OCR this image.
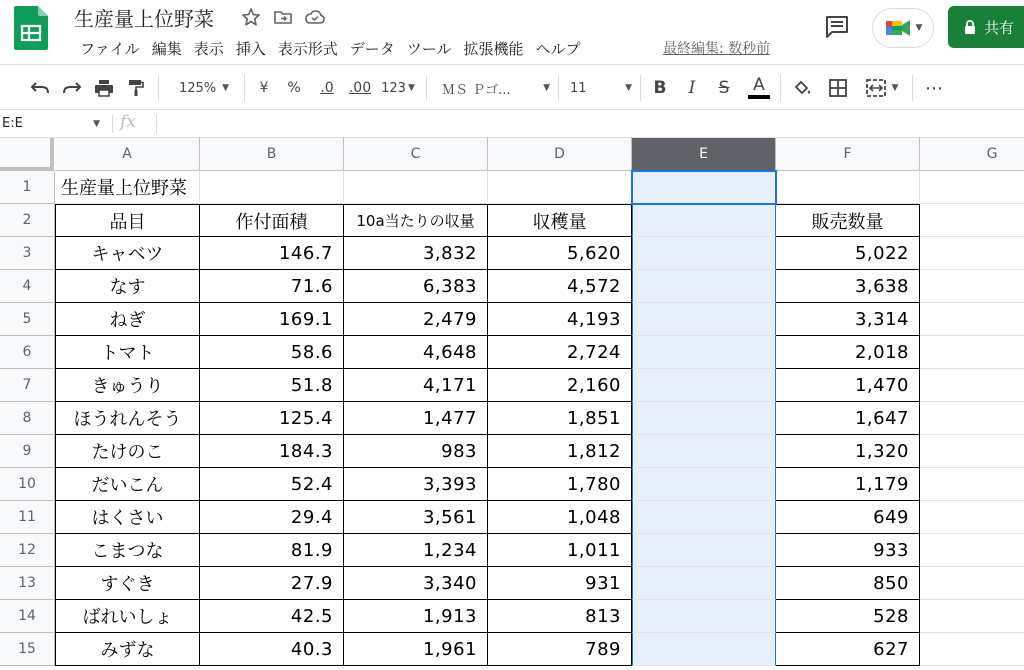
生産量上位野菜
ファイル 編集 表示 挿入 表示形式 データ ツール 拡張機能 ヘルプ	最終編集: 数秒前
▼	共有
125% ▼	¥	%	.0	.00 123 ▼ ＭＳ Ｐゴ...	▼ 11	▼ B	I	S A	▼ ⋯
E:E	▼ fx
A	B	C	D	E	F	G
1
2
3
4
5
6
7
8
9
10
11
12
13
14
15
生産量上位野菜
品目	作付面積	10a当たりの収量	収穫量	販売数量
キャベツ	146.7	3,832	5,620	5,022
なす	71.6	6,383	4,572	3,638
ねぎ	169.1	2,479	4,193	3,314
トマト	58.6	4,648	2,724	2,018
きゅうり	51.8	4,171	2,160	1,470
ほうれんそう	125.4	1,477	1,851	1,647
たけのこ	184.3	983	1,812	1,320
だいこん	52.4	3,393	1,780	1,179
はくさい	29.4	3,561	1,048	649
こまつな	81.9	1,234	1,011	933
すぐき	27.9	3,340	931	850
ばれいしょ	42.5	1,913	813	528
みずな	40.3	1,961	789	627
